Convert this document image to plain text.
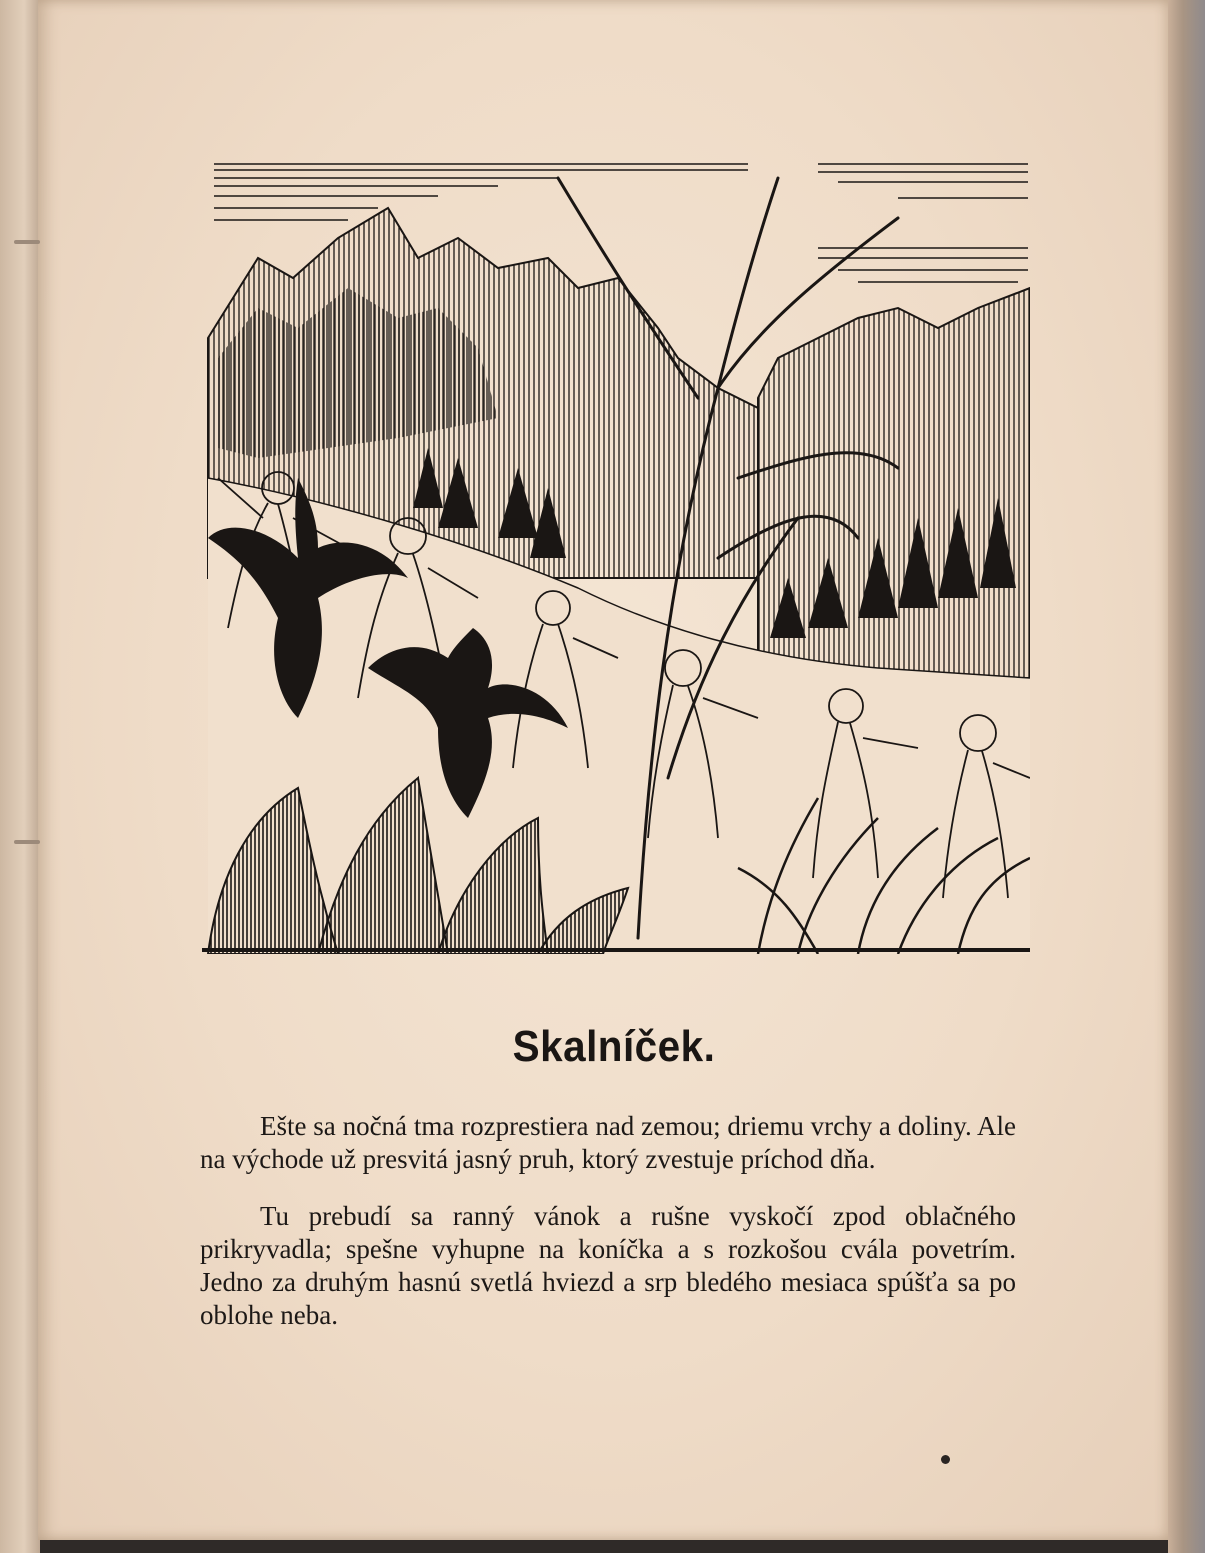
Skalníček.

Ešte sa nočná tma rozprestiera nad zemou; driemu vrchy a doliny. Ale na východe už presvitá jasný pruh, ktorý zvestuje príchod dňa.

Tu prebudí sa ranný vánok a rušne vyskočí zpod oblačného prikryvadla; spešne vyhupne na koníčka a s rozkošou cvála povetrím. Jedno za druhým hasnú svetlá hviezd a srp bledého mesiaca spúšťa sa po oblohe neba.
